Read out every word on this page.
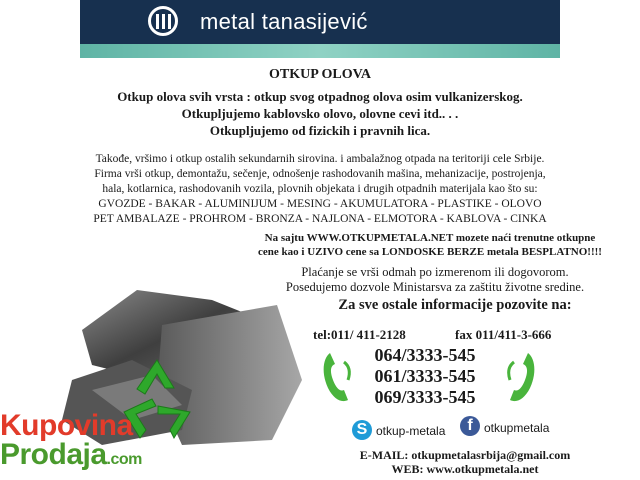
metal tanasijević
OTKUP OLOVA
Otkup olova svih vrsta : otkup svog otpadnog olova osim vulkanizerskog.
Otkupljujemo kablovsko olovo, olovne cevi itd.. . .
Otkupljujemo od fizickih i pravnih lica.
Takođe, vršimo i otkup ostalih sekundarnih sirovina. i ambalažnog otpada na teritoriji cele Srbije.
Firma vrši otkup, demontažu, sečenje, odnošenje rashodovanih mašina, mehanizacije, postrojenja,
hala, kotlarnica, rashodovanih vozila, plovnih objekata i drugih otpadnih materijala kao što su:
GVOZDE - BAKAR - ALUMINIJUM - MESING - AKUMULATORA - PLASTIKE - OLOVO
PET AMBALAZE - PROHROM - BRONZA - NAJLONA - ELMOTORA - KABLOVA - CINKA
Na sajtu WWW.OTKUPMETALA.NET mozete naći trenutne otkupne
cene kao i UZIVO cene sa LONDOSKE BERZE metala BESPLATNO!!!!
Plaćanje se vrši odmah po izmerenom ili dogovorom.
Posedujemo dozvole Ministarsva za zaštitu životne sredine.
Za sve ostale informacije pozovite na:
tel:011/ 411-2128	fax 011/411-3-666
064/3333-545
061/3333-545
069/3333-545
S otkup-metala	f otkupmetala
E-MAIL: otkupmetalasrbija@gmail.com
WEB: www.otkupmetala.net
Kupovina
Prodaja.com
